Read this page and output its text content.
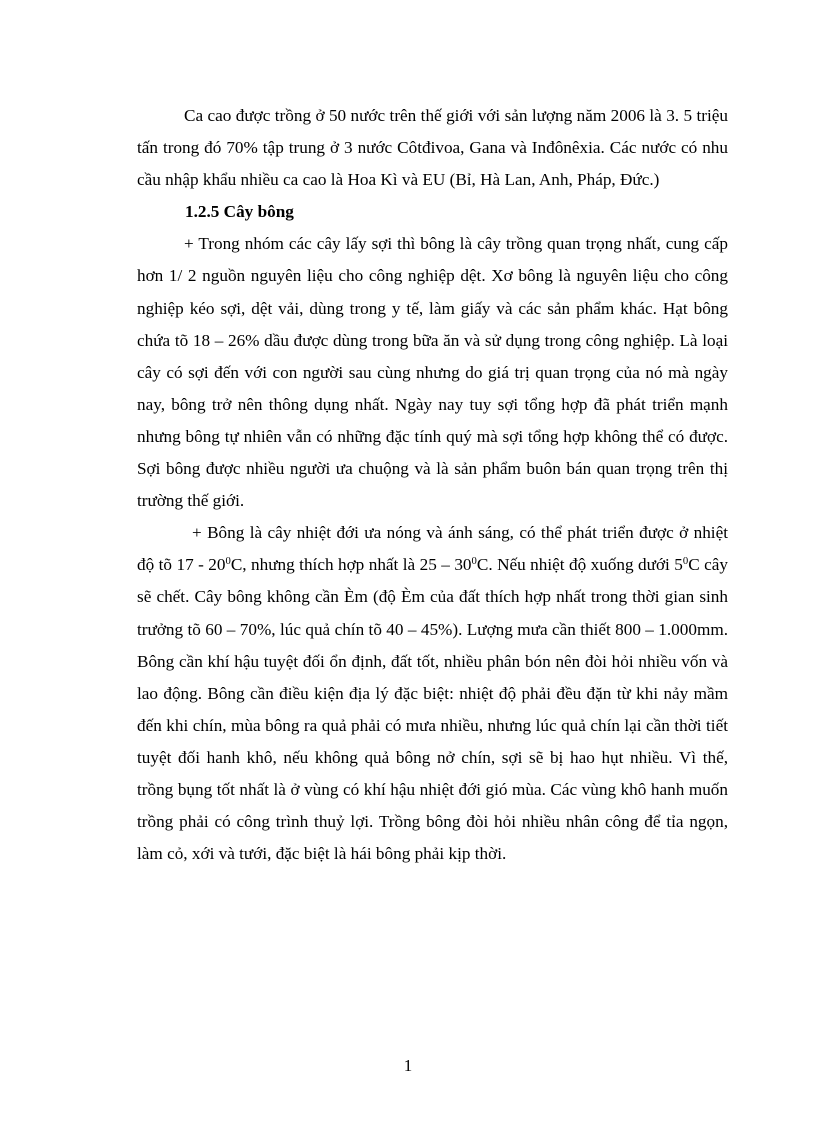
Ca cao được trồng ở 50 nước trên thế giới với sản lượng năm 2006 là 3. 5 triệu tấn trong đó 70% tập trung ở 3 nước Côtđivoa, Gana và Inđônêxia. Các nước có nhu cầu nhập khẩu nhiều ca cao là Hoa Kì và EU (Bỉ, Hà Lan, Anh, Pháp, Đức.)

1.2.5 Cây bông

+ Trong nhóm các cây lấy sợi thì bông là cây trồng quan trọng nhất, cung cấp hơn 1/ 2 nguồn nguyên liệu cho công nghiệp dệt. Xơ bông là nguyên liệu cho công nghiệp kéo sợi, dệt vải, dùng trong y tế, làm giấy và các sản phẩm khác. Hạt bông chứa tõ 18 – 26% dầu được dùng trong bữa ăn và sử dụng trong công nghiệp. Là loại cây có sợi đến với con người sau cùng nhưng do giá trị quan trọng của nó mà ngày nay, bông trở nên thông dụng nhất. Ngày nay tuy sợi tổng hợp đã phát triển mạnh nhưng bông tự nhiên vẫn có những đặc tính quý mà sợi tổng hợp không thể có được. Sợi bông được nhiều người ưa chuộng và là sản phẩm buôn bán quan trọng trên thị trường thế giới.

+ Bông là cây nhiệt đới ưa nóng và ánh sáng, có thể phát triển được ở nhiệt độ tõ $17 - 20^0C$, nhưng thích hợp nhất là $25 - 30^0C$. Nếu nhiệt độ xuống dưới $5^0C$ cây sẽ chết. Cây bông không cần Èm (độ Èm của đất thích hợp nhất trong thời gian sinh trưởng tõ 60 – 70%, lúc quả chín tõ 40 – 45%). Lượng mưa cần thiết 800 – 1.000mm. Bông cần khí hậu tuyệt đối ổn định, đất tốt, nhiều phân bón nên đòi hỏi nhiều vốn và lao động. Bông cần điều kiện địa lý đặc biệt: nhiệt độ phải đều đặn từ khi nảy mầm đến khi chín, mùa bông ra quả phải có mưa nhiều, nhưng lúc quả chín lại cần thời tiết tuyệt đối hanh khô, nếu không quả bông nở chín, sợi sẽ bị hao hụt nhiều. Vì thế, trồng bụng tốt nhất là ở vùng có khí hậu nhiệt đới gió mùa. Các vùng khô hanh muốn trồng phải có công trình thuỷ lợi. Trồng bông đòi hỏi nhiều nhân công để tỉa ngọn, làm cỏ, xới và tưới, đặc biệt là hái bông phải kịp thời.

1
